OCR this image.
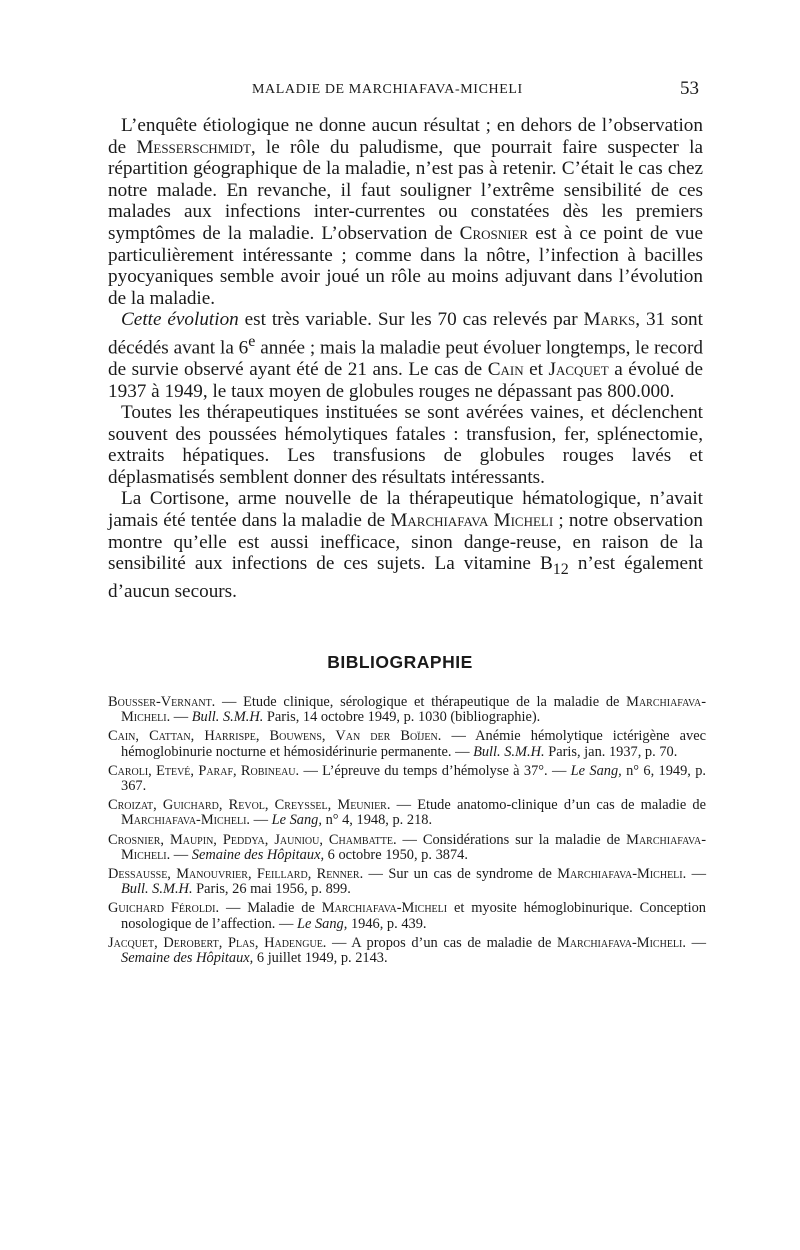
MALADIE DE MARCHIAFAVA-MICHELI	53

L’enquête étiologique ne donne aucun résultat ; en dehors de l’observation de Messerschmidt, le rôle du paludisme, que pourrait faire suspecter la répartition géographique de la maladie, n’est pas à retenir. C’était le cas chez notre malade. En revanche, il faut souligner l’extrême sensibilité de ces malades aux infections inter-currentes ou constatées dès les premiers symptômes de la maladie. L’observation de Crosnier est à ce point de vue particulièrement intéressante ; comme dans la nôtre, l’infection à bacilles pyocyaniques semble avoir joué un rôle au moins adjuvant dans l’évolution de la maladie.

Cette évolution est très variable. Sur les 70 cas relevés par Marks, 31 sont décédés avant la 6e année ; mais la maladie peut évoluer longtemps, le record de survie observé ayant été de 21 ans. Le cas de Cain et Jacquet a évolué de 1937 à 1949, le taux moyen de globules rouges ne dépassant pas 800.000.

Toutes les thérapeutiques instituées se sont avérées vaines, et déclenchent souvent des poussées hémolytiques fatales : transfusion, fer, splénectomie, extraits hépatiques. Les transfusions de globules rouges lavés et déplasmatisés semblent donner des résultats intéressants.

La Cortisone, arme nouvelle de la thérapeutique hématologique, n’avait jamais été tentée dans la maladie de Marchiafava Micheli ; notre observation montre qu’elle est aussi inefficace, sinon dange-reuse, en raison de la sensibilité aux infections de ces sujets. La vitamine $B_{12}$ n’est également d’aucun secours.

BIBLIOGRAPHIE

Bousser-Vernant. — Etude clinique, sérologique et thérapeutique de la maladie de Marchiafava-Micheli. — Bull. S.M.H. Paris, 14 octobre 1949, p. 1030 (bibliographie).

Cain, Cattan, Harrispe, Bouwens, Van der Boïjen. — Anémie hémolytique ictérigène avec hémoglobinurie nocturne et hémosidérinurie permanente. — Bull. S.M.H. Paris, jan. 1937, p. 70.

Caroli, Etevé, Paraf, Robineau. — L’épreuve du temps d’hémolyse à 37°. — Le Sang, n° 6, 1949, p. 367.

Croizat, Guichard, Revol, Creyssel, Meunier. — Etude anatomo-clinique d’un cas de maladie de Marchiafava-Micheli. — Le Sang, n° 4, 1948, p. 218.

Crosnier, Maupin, Peddya, Jauniou, Chambatte. — Considérations sur la maladie de Marchiafava-Micheli. — Semaine des Hôpitaux, 6 octobre 1950, p. 3874.

Dessausse, Manouvrier, Feillard, Renner. — Sur un cas de syndrome de Marchiafava-Micheli. — Bull. S.M.H. Paris, 26 mai 1956, p. 899.

Guichard Féroldi. — Maladie de Marchiafava-Micheli et myosite hémoglobinurique. Conception nosologique de l’affection. — Le Sang, 1946, p. 439.

Jacquet, Derobert, Plas, Hadengue. — A propos d’un cas de maladie de Marchiafava-Micheli. — Semaine des Hôpitaux, 6 juillet 1949, p. 2143.
